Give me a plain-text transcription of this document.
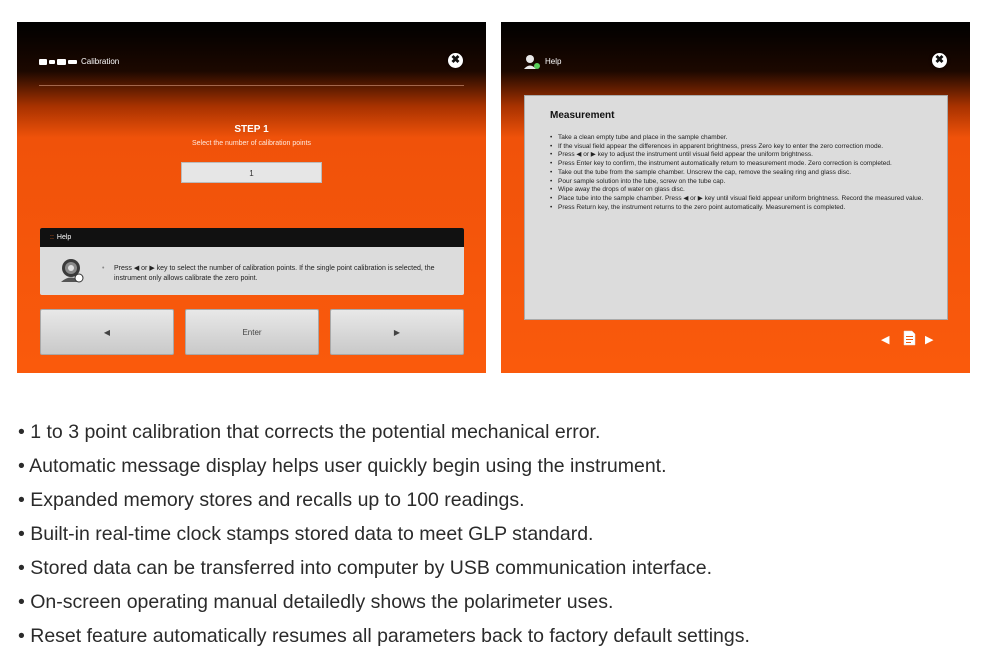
Calibration	✖
STEP 1
Select the number of calibration points
1
:: Help
• Press ◀ or ▶ key to select the number of calibration points. If the single point calibration is selected, the instrument only allows calibrate the zero point.
◀	Enter	▶
Help	✖
Measurement
• Take a clean empty tube and place in the sample chamber.
• If the visual field appear the differences in apparent brightness, press Zero key to enter the zero correction mode.
• Press ◀ or ▶ key to adjust the instrument until visual field appear the uniform brightness.
• Press Enter key to confirm, the instrument automatically return to measurement mode. Zero correction is completed.
• Take out the tube from the sample chamber. Unscrew the cap, remove the sealing ring and glass disc.
• Pour sample solution into the tube, screw on the tube cap.
• Wipe away the drops of water on glass disc.
• Place tube into the sample chamber. Press ◀ or ▶ key until visual field appear uniform brightness. Record the measured value.
• Press Return key, the instrument returns to the zero point automatically. Measurement is completed.
◀	▶
• 1 to 3 point calibration that corrects the potential mechanical error.
• Automatic message display helps user quickly begin using the instrument.
• Expanded memory stores and recalls up to 100 readings.
• Built-in real-time clock stamps stored data to meet GLP standard.
• Stored data can be transferred into computer by USB communication interface.
• On-screen operating manual detailedly shows the polarimeter uses.
• Reset feature automatically resumes all parameters back to factory default settings.
